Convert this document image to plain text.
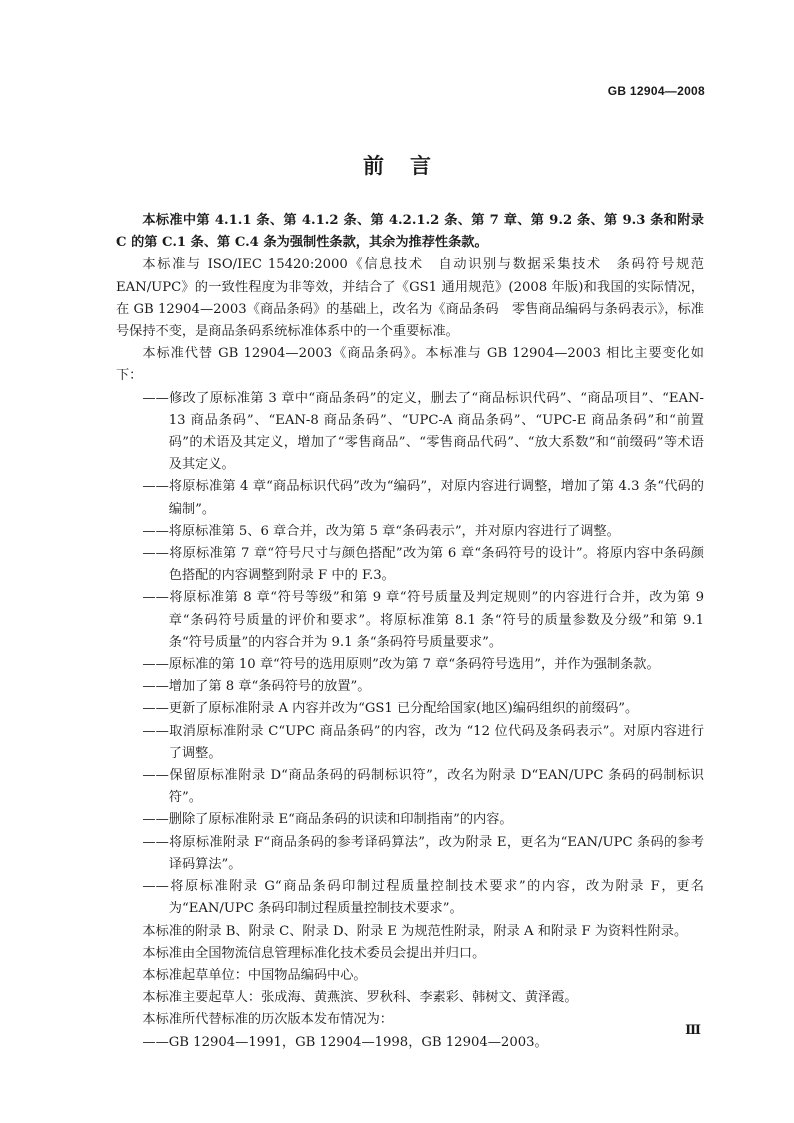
GB 12904—2008
前言

本标准中第 4.1.1 条、第 4.1.2 条、第 4.2.1.2 条、第 7 章、第 9.2 条、第 9.3 条和附录 C 的第 C.1 条、第 C.4 条为强制性条款，其余为推荐性条款。

本标准与 ISO/IEC 15420:2000《信息技术　自动识别与数据采集技术　条码符号规范　EAN/UPC》的一致性程度为非等效，并结合了《GS1 通用规范》(2008 年版)和我国的实际情况，在 GB 12904—2003《商品条码》的基础上，改名为《商品条码　零售商品编码与条码表示》，标准号保持不变，是商品条码系统标准体系中的一个重要标准。

本标准代替 GB 12904—2003《商品条码》。本标准与 GB 12904—2003 相比主要变化如下：

——修改了原标准第 3 章中“商品条码”的定义，删去了“商品标识代码”、“商品项目”、“EAN-13 商品条码”、“EAN-8 商品条码”、“UPC-A 商品条码”、“UPC-E 商品条码”和“前置码”的术语及其定义，增加了“零售商品”、“零售商品代码”、“放大系数”和“前缀码”等术语及其定义。

——将原标准第 4 章“商品标识代码”改为“编码”，对原内容进行调整，增加了第 4.3 条“代码的编制”。

——将原标准第 5、6 章合并，改为第 5 章“条码表示”，并对原内容进行了调整。

——将原标准第 7 章“符号尺寸与颜色搭配”改为第 6 章“条码符号的设计”。将原内容中条码颜色搭配的内容调整到附录 F 中的 F.3。

——将原标准第 8 章“符号等级”和第 9 章“符号质量及判定规则”的内容进行合并，改为第 9 章“条码符号质量的评价和要求”。将原标准第 8.1 条“符号的质量参数及分级”和第 9.1 条“符号质量”的内容合并为 9.1 条“条码符号质量要求”。

——原标准的第 10 章“符号的选用原则”改为第 7 章“条码符号选用”，并作为强制条款。

——增加了第 8 章“条码符号的放置”。

——更新了原标准附录 A 内容并改为“GS1 已分配给国家(地区)编码组织的前缀码”。

——取消原标准附录 C“UPC 商品条码”的内容，改为 “12 位代码及条码表示”。对原内容进行了调整。

——保留原标准附录 D“商品条码的码制标识符”，改名为附录 D“EAN/UPC 条码的码制标识符”。

——删除了原标准附录 E“商品条码的识读和印制指南”的内容。

——将原标准附录 F“商品条码的参考译码算法”，改为附录 E，更名为“EAN/UPC 条码的参考译码算法”。

——将原标准附录 G“商品条码印制过程质量控制技术要求”的内容，改为附录 F，更名为“EAN/UPC 条码印制过程质量控制技术要求”。

本标准的附录 B、附录 C、附录 D、附录 E 为规范性附录，附录 A 和附录 F 为资料性附录。

本标准由全国物流信息管理标准化技术委员会提出并归口。

本标准起草单位：中国物品编码中心。

本标准主要起草人：张成海、黄燕滨、罗秋科、李素彩、韩树文、黄泽霞。

本标准所代替标准的历次版本发布情况为：

——GB 12904—1991，GB 12904—1998，GB 12904—2003。

Ⅲ
